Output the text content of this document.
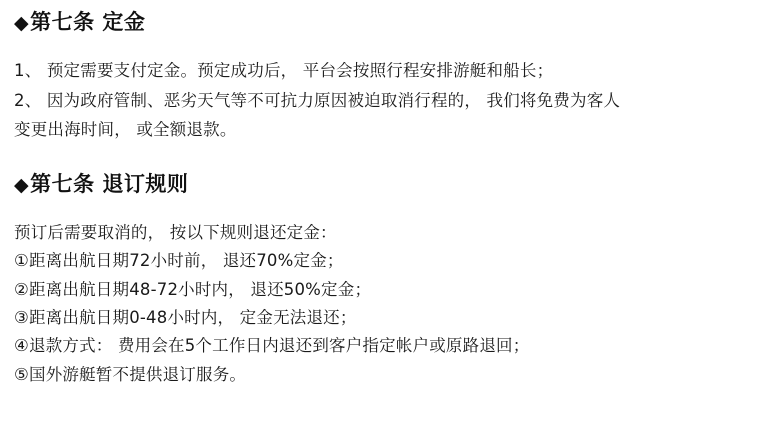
◆ 第七条 定金

1、 预定需要支付定金。预定成功后， 平台会按照行程安排游艇和船长；

2、 因为政府管制、恶劣天气等不可抗力原因被迫取消行程的， 我们将免费为客人

变更出海时间， 或全额退款。

◆ 第七条 退订规则

预订后需要取消的， 按以下规则退还定金：

①距离出航日期72小时前， 退还70%定金；

②距离出航日期48-72小时内， 退还50%定金；

③距离出航日期0-48小时内， 定金无法退还；

④退款方式： 费用会在5个工作日内退还到客户指定帐户或原路退回；

⑤国外游艇暂不提供退订服务。
